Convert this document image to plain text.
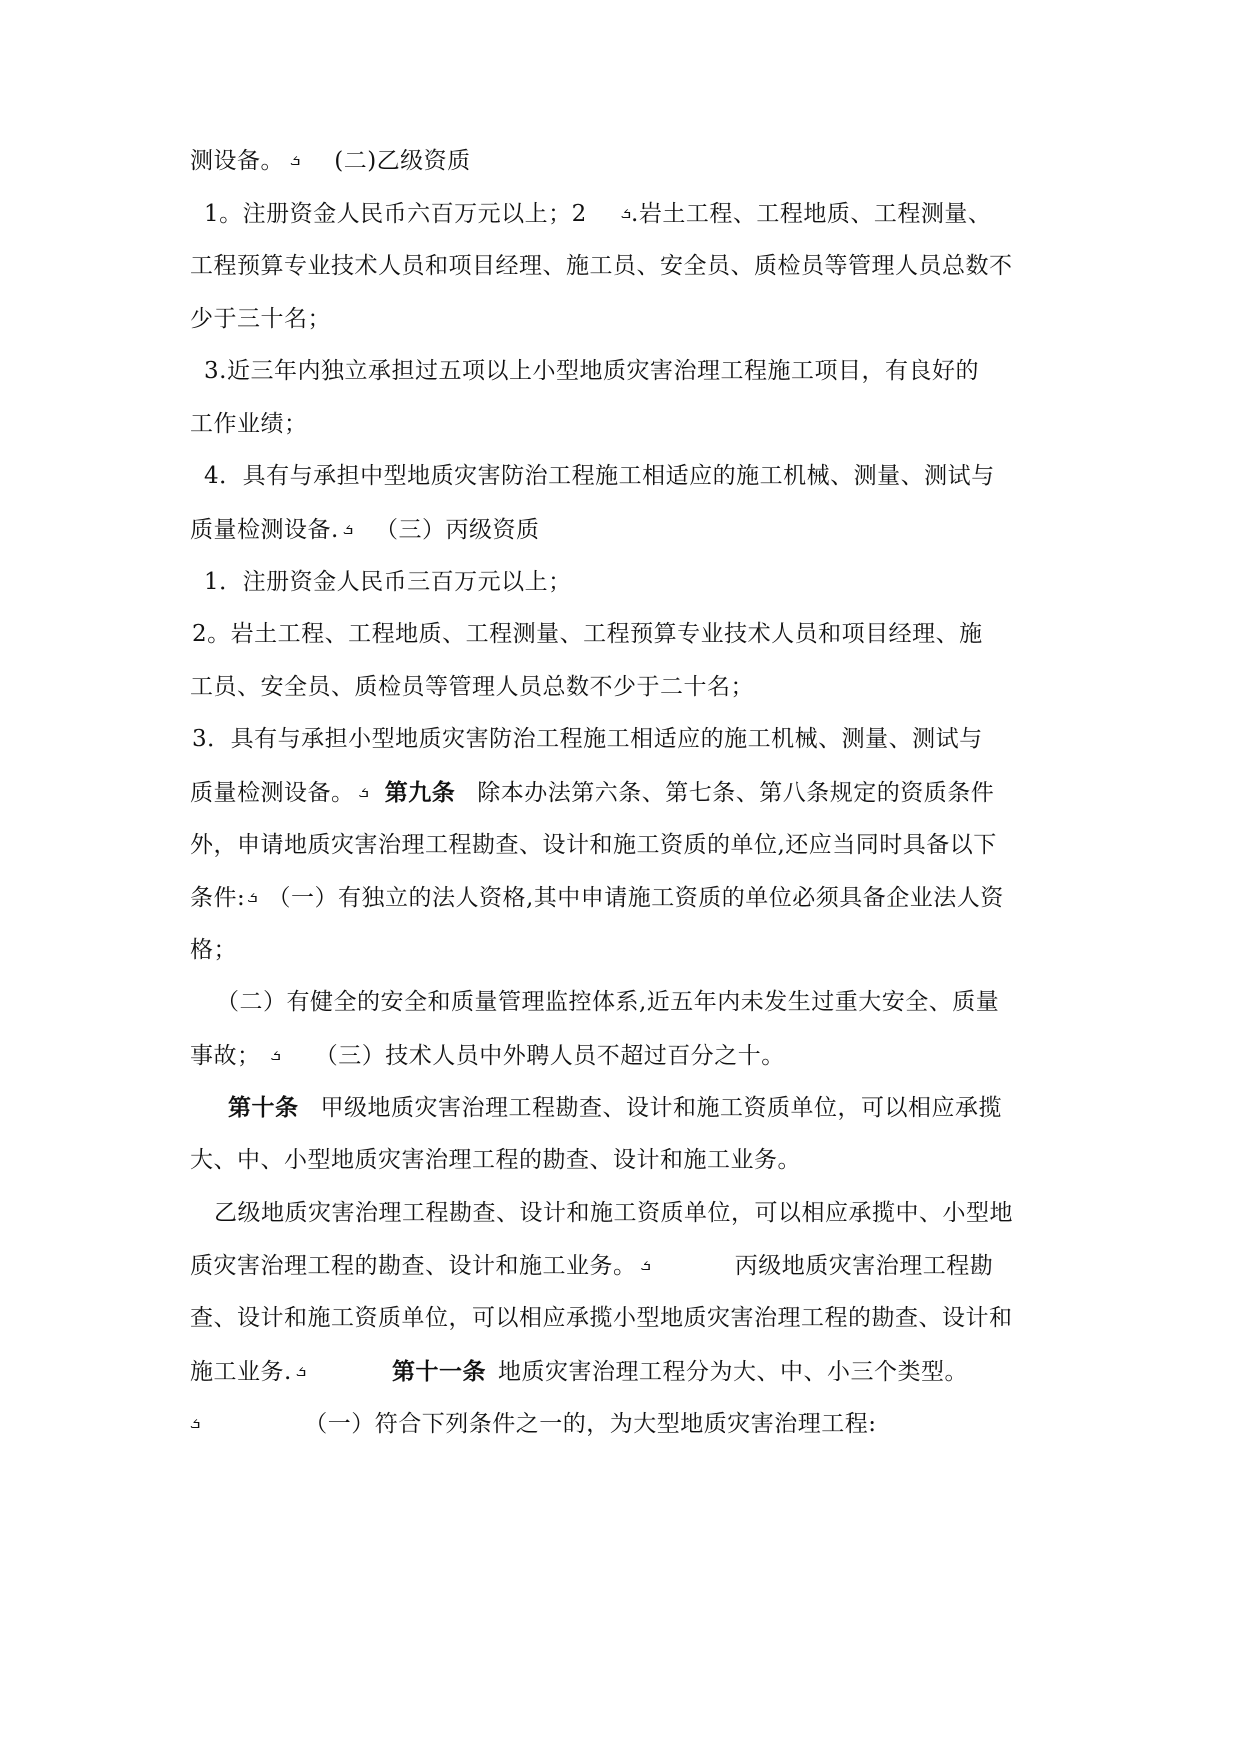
测设备。 ܭ (二)乙级资质
1。注册资金人民币六百万元以上；2 ܭ.岩土工程、工程地质、工程测量、
工程预算专业技术人员和项目经理、施工员、安全员、质检员等管理人员总数不
少于三十名；
3.近三年内独立承担过五项以上小型地质灾害治理工程施工项目，有良好的
工作业绩；
4．具有与承担中型地质灾害防治工程施工相适应的施工机械、测量、测试与
质量检测设备. ܭ （三）丙级资质
1．注册资金人民币三百万元以上；
2。岩土工程、工程地质、工程测量、工程预算专业技术人员和项目经理、施
工员、安全员、质检员等管理人员总数不少于二十名；
3．具有与承担小型地质灾害防治工程施工相适应的施工机械、测量、测试与
质量检测设备。 ܭ 第九条 除本办法第六条、第七条、第八条规定的资质条件
外，申请地质灾害治理工程勘查、设计和施工资质的单位,还应当同时具备以下
条件: ܭ （一）有独立的法人资格,其中申请施工资质的单位必须具备企业法人资
格；
（二）有健全的安全和质量管理监控体系,近五年内未发生过重大安全、质量
事故； ܭ （三）技术人员中外聘人员不超过百分之十。
第十条 甲级地质灾害治理工程勘查、设计和施工资质单位，可以相应承揽
大、中、小型地质灾害治理工程的勘查、设计和施工业务。
乙级地质灾害治理工程勘查、设计和施工资质单位，可以相应承揽中、小型地
质灾害治理工程的勘查、设计和施工业务。 ܭ	丙级地质灾害治理工程勘
查、设计和施工资质单位，可以相应承揽小型地质灾害治理工程的勘查、设计和
施工业务. ܭ	第十一条 地质灾害治理工程分为大、中、小三个类型。
ܭ	（一）符合下列条件之一的，为大型地质灾害治理工程:
